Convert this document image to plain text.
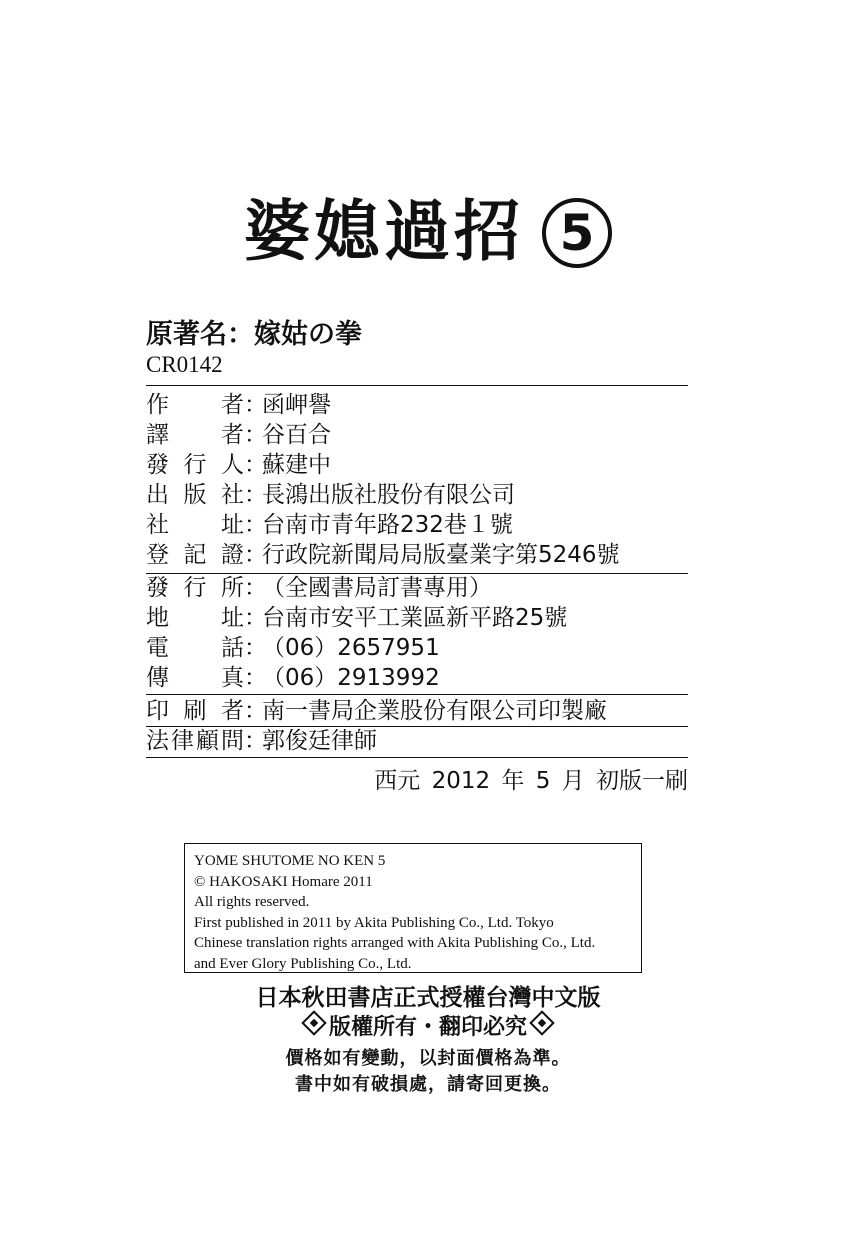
婆媳過招 5
原著名：嫁姑の拳
CR0142
作者：函岬譽
譯者：谷百合
發行人：蘇建中
出版社：長鴻出版社股份有限公司
社址：台南市青年路232巷１號
登記證：行政院新聞局局版臺業字第5246號
發行所：（全國書局訂書專用）
地址：台南市安平工業區新平路25號
電話：（06）2657951
傳真：（06）2913992
印刷者：南一書局企業股份有限公司印製廠
法律顧問：郭俊廷律師
西元 2012 年 5 月 初版一刷
YOME SHUTOME NO KEN 5
© HAKOSAKI Homare 2011
All rights reserved.
First published in 2011 by Akita Publishing Co., Ltd. Tokyo
Chinese translation rights arranged with Akita Publishing Co., Ltd.
and Ever Glory Publishing Co., Ltd.
日本秋田書店正式授權台灣中文版
版權所有・翻印必究
價格如有變動，以封面價格為準。
書中如有破損處，請寄回更換。
